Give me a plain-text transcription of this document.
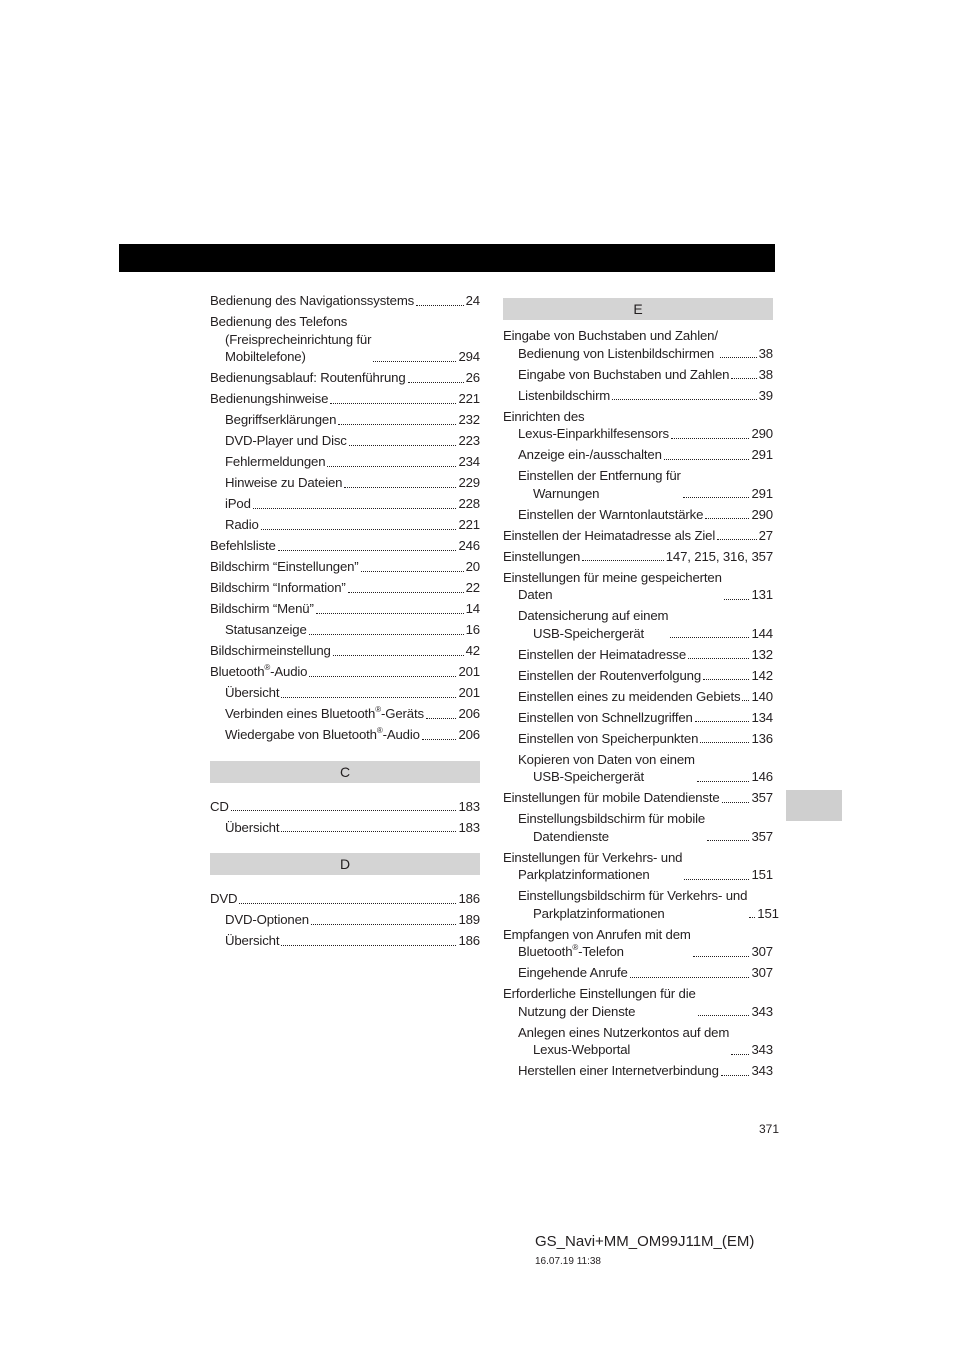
Bedienung des Navigationssystems	24
Bedienung des Telefons
(Freisprecheinrichtung für
Mobiltelefone)	294
Bedienungsablauf: Routenführung	26
Bedienungshinweise	221
Begriffserklärungen	232
DVD-Player und Disc	223
Fehlermeldungen	234
Hinweise zu Dateien	229
iPod	228
Radio	221
Befehlsliste	246
Bildschirm “Einstellungen”	20
Bildschirm “Information”	22
Bildschirm “Menü”	14
Statusanzeige	16
Bildschirmeinstellung	42
Bluetooth®-Audio	201
Übersicht	201
Verbinden eines Bluetooth®-Geräts	206
Wiedergabe von Bluetooth®-Audio	206
C
CD	183
Übersicht	183
D
DVD	186
DVD-Optionen	189
Übersicht	186
E
Eingabe von Buchstaben und Zahlen/
Bedienung von Listenbildschirmen	38
Eingabe von Buchstaben und Zahlen 38
Listenbildschirm	39
Einrichten des
Lexus-Einparkhilfesensors	290
Anzeige ein-/ausschalten	291
Einstellen der Entfernung für
Warnungen	291
Einstellen der Warntonlautstärke	290
Einstellen der Heimatadresse als Ziel	27
Einstellungen	147, 215, 316, 357
Einstellungen für meine gespeicherten
Daten	131
Datensicherung auf einem
USB-Speichergerät	144
Einstellen der Heimatadresse	132
Einstellen der Routenverfolgung	142
Einstellen eines zu meidenden Gebiets 140
Einstellen von Schnellzugriffen	134
Einstellen von Speicherpunkten	136
Kopieren von Daten von einem
USB-Speichergerät	146
Einstellungen für mobile Datendienste 357
Einstellungsbildschirm für mobile
Datendienste	357
Einstellungen für Verkehrs- und
Parkplatzinformationen	151
Einstellungsbildschirm für Verkehrs- und
Parkplatzinformationen	151
Empfangen von Anrufen mit dem
Bluetooth®-Telefon	307
Eingehende Anrufe	307
Erforderliche Einstellungen für die
Nutzung der Dienste	343
Anlegen eines Nutzerkontos auf dem
Lexus-Webportal	343
Herstellen einer Internetverbindung 343
371
GS_Navi+MM_OM99J11M_(EM)
16.07.19 11:38
